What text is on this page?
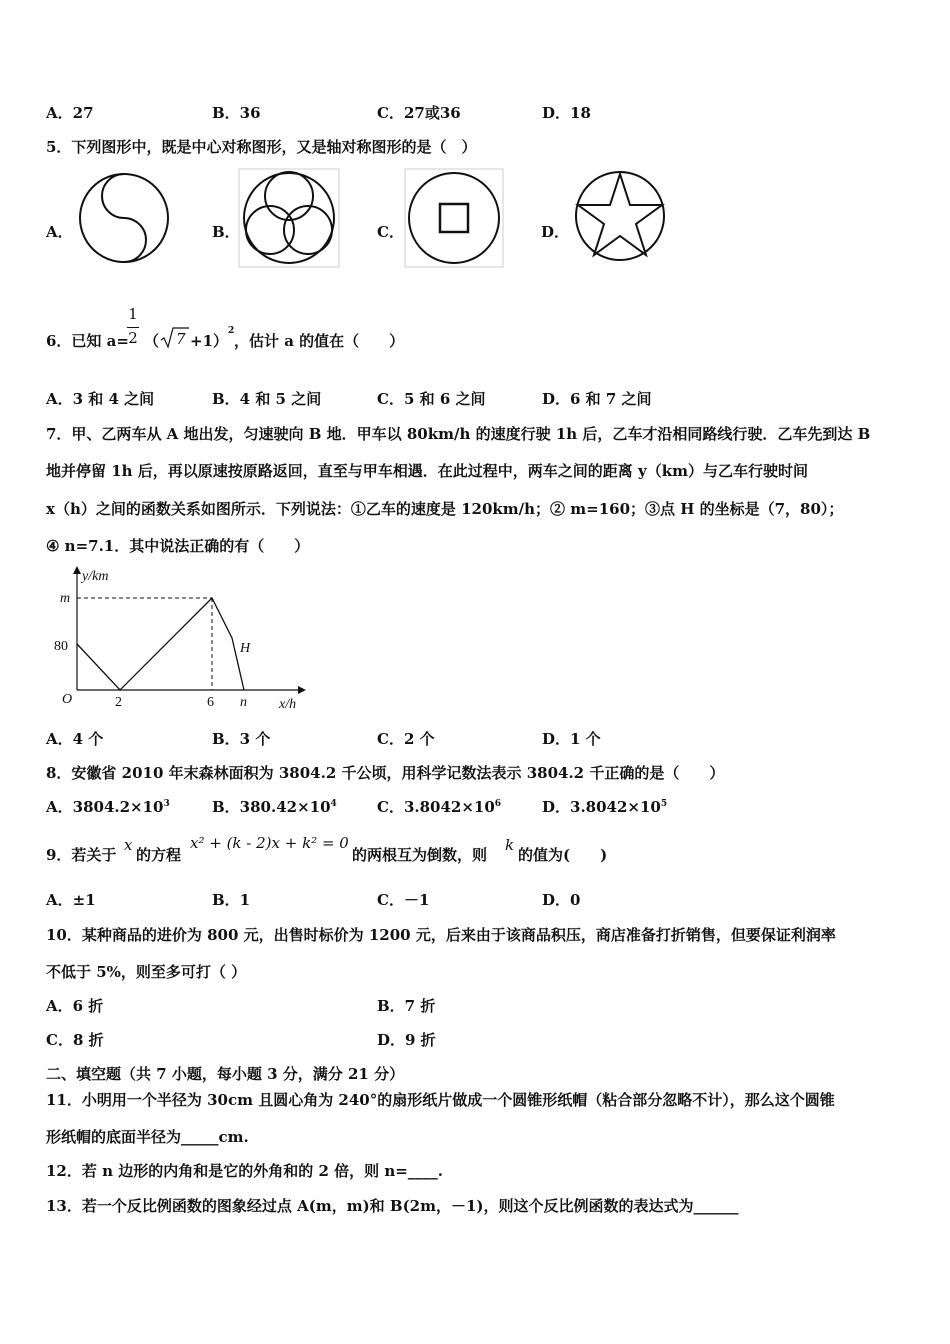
A．27	B．36	C．27或36	D．18
5．下列图形中，既是中心对称图形，又是轴对称图形的是（　）
A．	B．	C．	D．
6．已知 a=
1
2 （ 7 +1）
2
，估计 a 的值在（　　）
A．3 和 4 之间	B．4 和 5 之间	C．5 和 6 之间	D．6 和 7 之间
7．甲、乙两车从 A 地出发，匀速驶向 B 地．甲车以 80km/h 的速度行驶 1h 后，乙车才沿相同路线行驶．乙车先到达 B
地并停留 1h 后，再以原速按原路返回，直至与甲车相遇．在此过程中，两车之间的距离 y（km）与乙车行驶时间
x（h）之间的函数关系如图所示．下列说法：①乙车的速度是 120km/h；② m=160；③点 H 的坐标是（7，80）；
④ n=7.1．其中说法正确的有（　　）
y/km
x/h
O
m
80
2	6 n
H
A．4 个	B．3 个	C．2 个	D．1 个
8．安徽省 2010 年末森林面积为 3804.2 千公顷，用科学记数法表示 3804.2 千正确的是（　　）
A．$3804.2\times 10^3$	B．$380.42\times 10^4$	C．$3.8042\times 10^6$	D．$3.8042\times 10^5$
9．若关于
x
的方程
x² + (k - 2)x + k² = 0
的两根互为倒数，则
k
的值为(　　)
A．±1	B．1	C．－1	D．0
10．某种商品的进价为 800 元，出售时标价为 1200 元，后来由于该商品积压，商店准备打折销售，但要保证利润率
不低于 5%，则至多可打（ ）
A．6 折	B．7 折
C．8 折	D．9 折
二、填空题（共 7 小题，每小题 3 分，满分 21 分）
11．小明用一个半径为 30cm 且圆心角为 240°的扇形纸片做成一个圆锥形纸帽（粘合部分忽略不计），那么这个圆锥
形纸帽的底面半径为_____cm.
12．若 n 边形的内角和是它的外角和的 2 倍，则 n=____.
13．若一个反比例函数的图象经过点 A(m，m)和 B(2m，－1)，则这个反比例函数的表达式为______
